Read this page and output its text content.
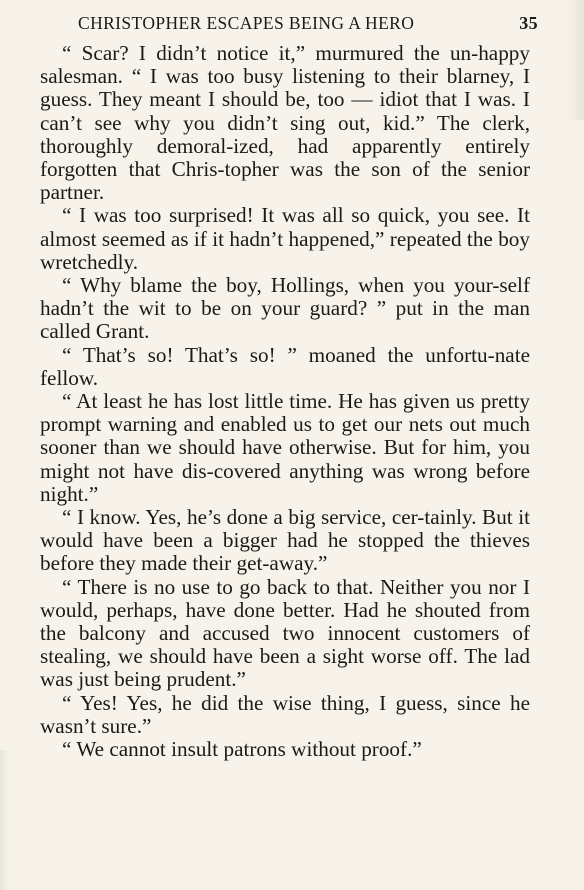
CHRISTOPHER ESCAPES BEING A HERO	35

“ Scar? I didn’t notice it,” murmured the un-happy salesman. “ I was too busy listening to their blarney, I guess. They meant I should be, too — idiot that I was. I can’t see why you didn’t sing out, kid.” The clerk, thoroughly demoral-ized, had apparently entirely forgotten that Chris-topher was the son of the senior partner.

“ I was too surprised! It was all so quick, you see. It almost seemed as if it hadn’t happened,” repeated the boy wretchedly.

“ Why blame the boy, Hollings, when you your-self hadn’t the wit to be on your guard? ” put in the man called Grant.

“ That’s so! That’s so! ” moaned the unfortu-nate fellow.

“ At least he has lost little time. He has given us pretty prompt warning and enabled us to get our nets out much sooner than we should have otherwise. But for him, you might not have dis-covered anything was wrong before night.”

“ I know. Yes, he’s done a big service, cer-tainly. But it would have been a bigger had he stopped the thieves before they made their get-away.”

“ There is no use to go back to that. Neither you nor I would, perhaps, have done better. Had he shouted from the balcony and accused two innocent customers of stealing, we should have been a sight worse off. The lad was just being prudent.”

“ Yes! Yes, he did the wise thing, I guess, since he wasn’t sure.”

“ We cannot insult patrons without proof.”
